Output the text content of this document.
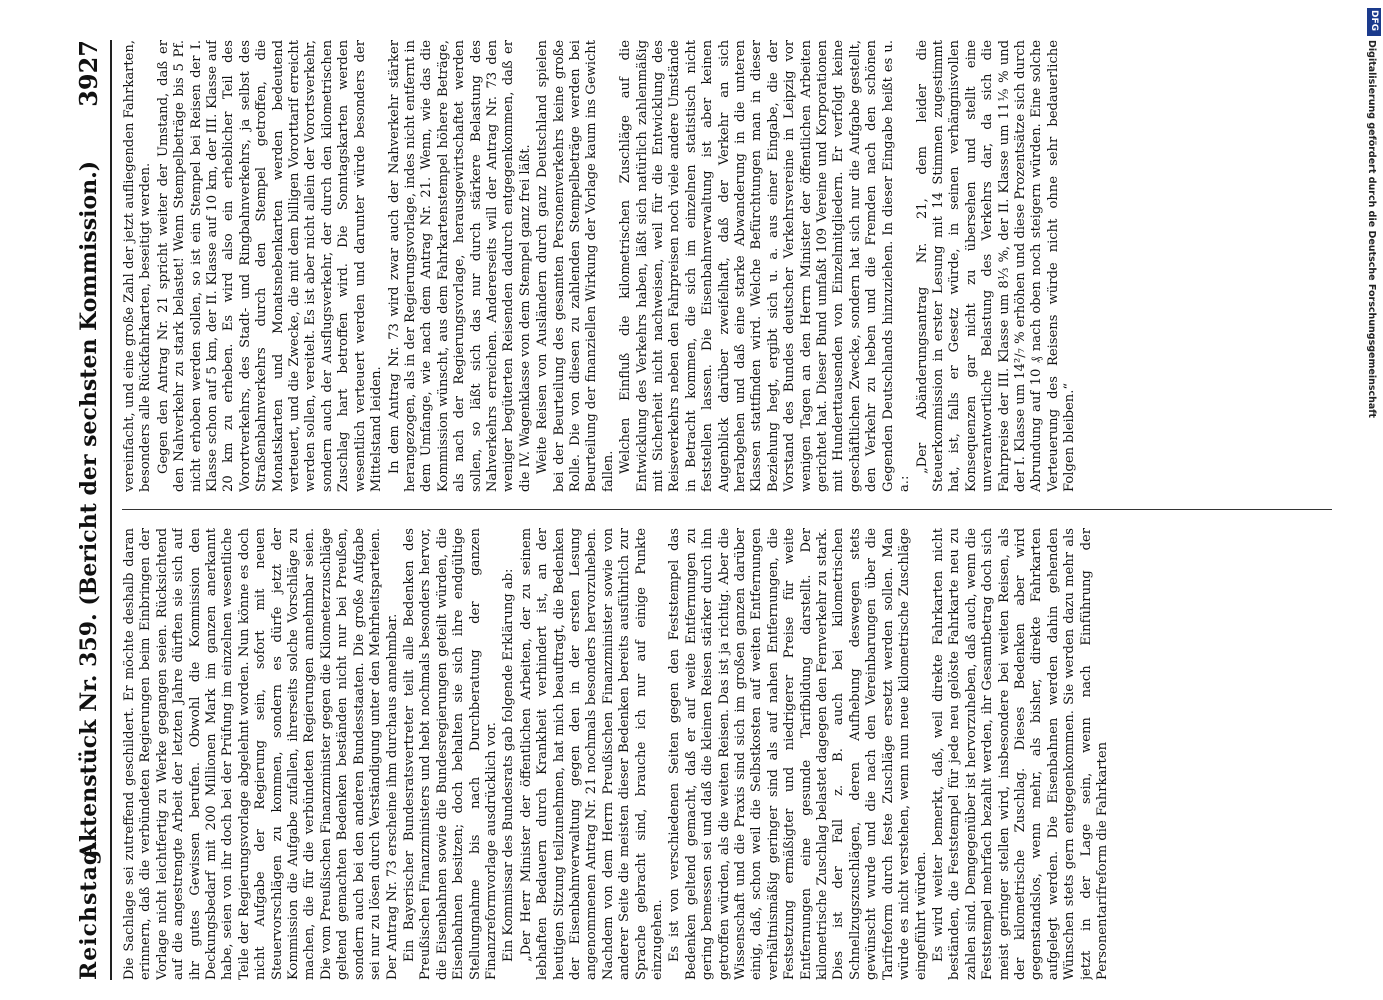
Reichstag.
Aktenstück Nr. 359. (Bericht der sechsten Kommission.)
3927

Die Sachlage sei zutreffend geschildert. Er möchte deshalb daran erinnern, daß die verbündeten Regierungen beim Einbringen der Vorlage nicht leichtfertig zu Werke gegangen seien. Rücksichtend auf die angestrengte Arbeit der letzten Jahre dürften sie sich auf ihr gutes Gewissen berufen. Obwohl die Kommission den Deckungsbedarf mit 200 Millionen Mark im ganzen anerkannt habe, seien von ihr doch bei der Prüfung im einzelnen wesentliche Teile der Regierungsvorlage abgelehnt worden. Nun könne es doch nicht Aufgabe der Regierung sein, sofort mit neuen Steuervorschlägen zu kommen, sondern es dürfe jetzt der Kommission die Aufgabe zufallen, ihrerseits solche Vorschläge zu machen, die für die verbündeten Regierungen annehmbar seien. Die vom Preußischen Finanzminister gegen die Kilometerzuschläge geltend gemachten Bedenken beständen nicht nur bei Preußen, sondern auch bei den anderen Bundesstaaten. Die große Aufgabe sei nur zu lösen durch Verständigung unter den Mehrheitsparteien. Der Antrag Nr. 73 erscheine ihm durchaus annehmbar. Ein Bayerischer Bundesratsvertreter teilt alle Bedenken des Preußischen Finanzministers und hebt nochmals besonders hervor, die Eisenbahnen sowie die Bundesregierungen geteilt würden, die Eisenbahnen besitzen; doch behalten sie sich ihre endgültige Stellungnahme bis nach Durchberatung der ganzen Finanzreformvorlage ausdrücklich vor. Ein Kommissar des Bundesrats gab folgende Erklärung ab: „Der Herr Minister der öffentlichen Arbeiten, der zu seinem lebhaften Bedauern durch Krankheit verhindert ist, an der heutigen Sitzung teilzunehmen, hat mich beauftragt, die Bedenken der Eisenbahnverwaltung gegen den in der ersten Lesung angenommenen Antrag Nr. 21 nochmals besonders hervorzuheben. Nachdem von dem Herrn Preußischen Finanzminister sowie von anderer Seite die meisten dieser Bedenken bereits ausführlich zur Sprache gebracht sind, brauche ich nur auf einige Punkte einzugehen. Es ist von verschiedenen Seiten gegen den Feststempel das Bedenken geltend gemacht, daß er auf weite Entfernungen zu gering bemessen sei und daß die kleinen Reisen stärker durch ihn getroffen würden, als die weiten Reisen. Das ist ja richtig. Aber die Wissenschaft und die Praxis sind sich im großen ganzen darüber einig, daß, schon weil die Selbstkosten auf weiten Entfernungen verhältnismäßig geringer sind als auf nahen Entfernungen, die Festsetzung ermäßigter und niedrigerer Preise für weite Entfernungen eine gesunde Tarifbildung darstellt. Der kilometrische Zuschlag belastet dagegen den Fernverkehr zu stark. Dies ist der Fall z. B. auch bei kilometrischen Schnellzugszuschlägen, deren Aufhebung deswegen stets gewünscht wurde und die nach den Vereinbarungen über die Tarifreform durch feste Zuschläge ersetzt werden sollen. Man würde es nicht verstehen, wenn nun neue kilometrische Zuschläge eingeführt würden. Es wird weiter bemerkt, daß, weil direkte Fahrkarten nicht beständen, die Feststempel für jede neu gelöste Fahrkarte neu zu zahlen sind. Demgegenüber ist hervorzuheben, daß auch, wenn die Feststempel mehrfach bezahlt werden, ihr Gesamtbetrag doch sich meist geringer stellen wird, insbesondere bei weiten Reisen, als der kilometrische Zuschlag. Dieses Bedenken aber wird gegenstandslos, wenn mehr, als bisher, direkte Fahrkarten aufgelegt werden. Die Eisenbahnen werden dahin gehenden Wünschen stets gern entgegenkommen. Sie werden dazu mehr als jetzt in der Lage sein, wenn nach Einführung der Personentarifreform die Fahrkarten

vereinfacht, und eine große Zahl der jetzt aufliegenden Fahrkarten, besonders alle Rückfahrkarten, beseitigt werden. Gegen den Antrag Nr. 21 spricht weiter der Umstand, daß er den Nahverkehr zu stark belastet! Wenn Stempelbeträge bis 5 Pf. nicht erhoben werden sollen, so ist ein Stempel bei Reisen der I. Klasse schon auf 5 km, der II. Klasse auf 10 km, der III. Klasse auf 20 km zu erheben. Es wird also ein erheblicher Teil des Vorortverkehrs, des Stadt- und Ringbahnverkehrs, ja selbst des Straßenbahnverkehrs durch den Stempel getroffen, die Monatskarten und Monatsnebenkarten werden bedeutend verteuert, und die Zwecke, die mit dem billigen Vororttarif erreicht werden sollen, vereitelt. Es ist aber nicht allein der Vorortsverkehr, sondern auch der Ausflugsverkehr, der durch den kilometrischen Zuschlag hart betroffen wird. Die Sonntagskarten werden wesentlich verteuert werden und darunter würde besonders der Mittelstand leiden. In dem Antrag Nr. 73 wird zwar auch der Nahverkehr stärker herangezogen, als in der Regierungsvorlage, indes nicht entfernt in dem Umfange, wie nach dem Antrag Nr. 21. Wenn, wie das die Kommission wünscht, aus dem Fahrkartenstempel höhere Beträge, als nach der Regierungsvorlage, herausgewirtschaftet werden sollen, so läßt sich das nur durch stärkere Belastung des Nahverkehrs erreichen. Andererseits will der Antrag Nr. 73 den weniger begüterten Reisenden dadurch entgegenkommen, daß er die IV. Wagenklasse von dem Stempel ganz frei läßt. Weite Reisen von Ausländern durch ganz Deutschland spielen bei der Beurteilung des gesamten Personenverkehrs keine große Rolle. Die von diesen zu zahlenden Stempelbeträge werden bei Beurteilung der finanziellen Wirkung der Vorlage kaum ins Gewicht fallen. Welchen Einfluß die kilometrischen Zuschläge auf die Entwicklung des Verkehrs haben, läßt sich natürlich zahlenmäßig mit Sicherheit nicht nachweisen, weil für die Entwicklung des Reiseverkehrs neben den Fahrpreisen noch viele andere Umstände in Betracht kommen, die sich im einzelnen statistisch nicht feststellen lassen. Die Eisenbahnverwaltung ist aber keinen Augenblick darüber zweifelhaft, daß der Verkehr an sich herabgehen und daß eine starke Abwanderung in die unteren Klassen stattfinden wird. Welche Befürchtungen man in dieser Beziehung hegt, ergibt sich u. a. aus einer Eingabe, die der Vorstand des Bundes deutscher Verkehrsvereine in Leipzig vor wenigen Tagen an den Herrn Minister der öffentlichen Arbeiten gerichtet hat. Dieser Bund umfaßt 109 Vereine und Korporationen mit Hunderttausenden von Einzelmitgliedern. Er verfolgt keine geschäftlichen Zwecke, sondern hat sich nur die Aufgabe gestellt, den Verkehr zu heben und die Fremden nach den schönen Gegenden Deutschlands hinzuziehen. In dieser Eingabe heißt es u. a.:

„Der Abänderungsantrag Nr. 21, dem leider die Steuerkommission in erster Lesung mit 14 Stimmen zugestimmt hat, ist, falls er Gesetz würde, in seinen verhängnisvollen Konsequenzen gar nicht zu übersehen und stellt eine unverantwortliche Belastung des Verkehrs dar, da sich die Fahrpreise der III. Klasse um 8⅓ %, der II. Klasse um 11⅑ % und der I. Klasse um 14²/₇ % erhöhen und diese Prozentsätze sich durch Abrundung auf 10 ₰ nach oben noch steigern würden. Eine solche Verteuerung des Reisens würde nicht ohne sehr bedauerliche Folgen bleiben.“

DFG
Digitalisierung gefördert durch die Deutsche Forschungsgemeinschaft
